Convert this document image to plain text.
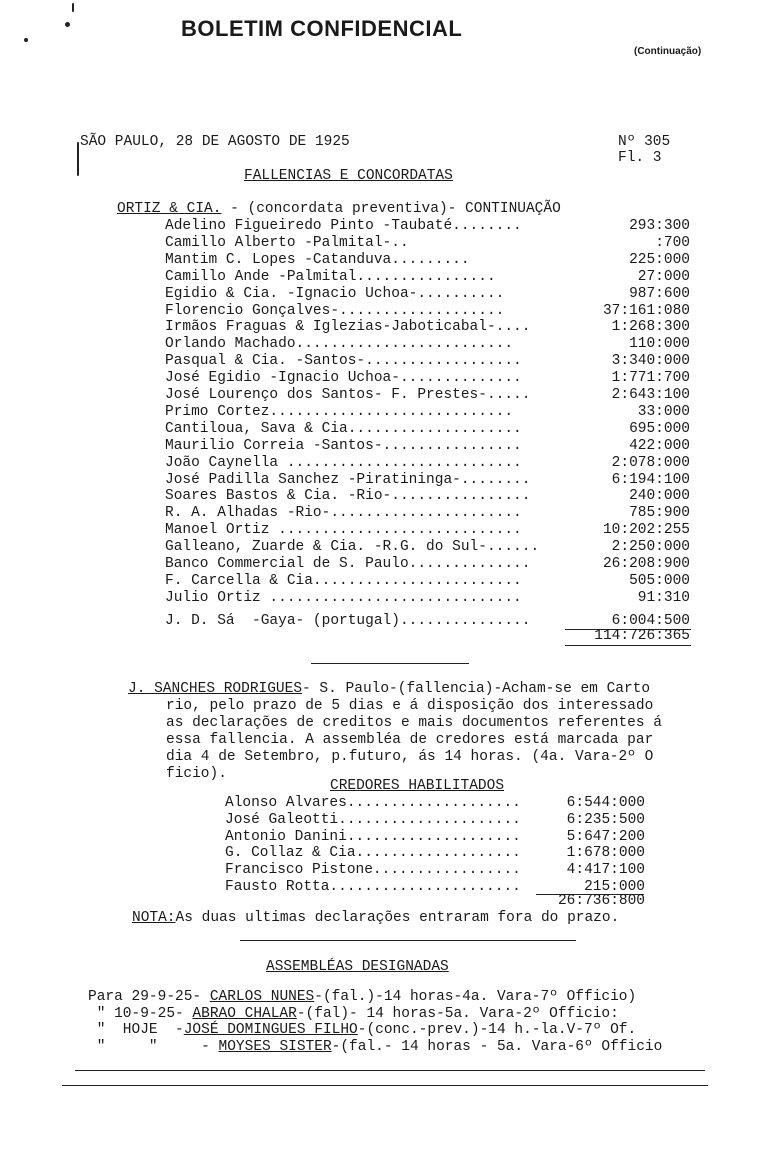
BOLETIM CONFIDENCIAL
(Continuação)
SÃO PAULO, 28 DE AGOSTO DE 1925	Nº 305
Fl. 3
FALLENCIAS E CONCORDATAS
ORTIZ & CIA. - (concordata preventiva)- CONTINUAÇÃO
Adelino Figueiredo Pinto -Taubaté........	293:300
Camillo Alberto -Palmital-..	:700
Mantim C. Lopes -Catanduva.........	225:000
Camillo Ande -Palmital................	27:000
Egidio & Cia. -Ignacio Uchoa-..........	987:600
Florencio Gonçalves-...................	37:161:080
Irmãos Fraguas & Iglezias-Jaboticabal-....	1:268:300
Orlando Machado.........................	110:000
Pasqual & Cia. -Santos-..................	3:340:000
José Egidio -Ignacio Uchoa-..............	1:771:700
José Lourenço dos Santos- F. Prestes-.....	2:643:100
Primo Cortez............................	33:000
Cantiloua, Sava & Cia....................	695:000
Maurilio Correia -Santos-................	422:000
João Caynella ...........................	2:078:000
José Padilla Sanchez -Piratininga-........	6:194:100
Soares Bastos & Cia. -Rio-................	240:000
R. A. Alhadas -Rio-......................	785:900
Manoel Ortiz ............................	10:202:255
Galleano, Zuarde & Cia. -R.G. do Sul-......	2:250:000
Banco Commercial de S. Paulo..............	26:208:900
F. Carcella & Cia........................	505:000
Julio Ortiz .............................	91:310
J. D. Sá  -Gaya- (portugal)...............	6:004:500
114:726:365
J. SANCHES RODRIGUES- S. Paulo-(fallencia)-Acham-se em Carto
rio, pelo prazo de 5 dias e á disposição dos interessado
as declarações de creditos e mais documentos referentes á
essa fallencia. A assembléa de credores está marcada par
dia 4 de Setembro, p.futuro, ás 14 horas. (4a. Vara-2º O
ficio).
CREDORES HABILITADOS
Alonso Alvares....................	6:544:000
José Galeotti.....................	6:235:500
Antonio Danini....................	5:647:200
G. Collaz & Cia...................	1:678:000
Francisco Pistone.................	4:417:100
Fausto Rotta......................	215:000
26:736:800
NOTA:As duas ultimas declarações entraram fora do prazo.
ASSEMBLÉAS DESIGNADAS
Para 29-9-25- CARLOS NUNES-(fal.)-14 horas-4a. Vara-7º Officio)
" 10-9-25- ABRAO CHALAR-(fal)- 14 horas-5a. Vara-2º Officio:
"  HOJE  -JOSÉ DOMINGUES FILHO-(conc.-prev.)-14 h.-la.V-7º Of.
"     "     - MOYSES SISTER-(fal.- 14 horas - 5a. Vara-6º Officio
